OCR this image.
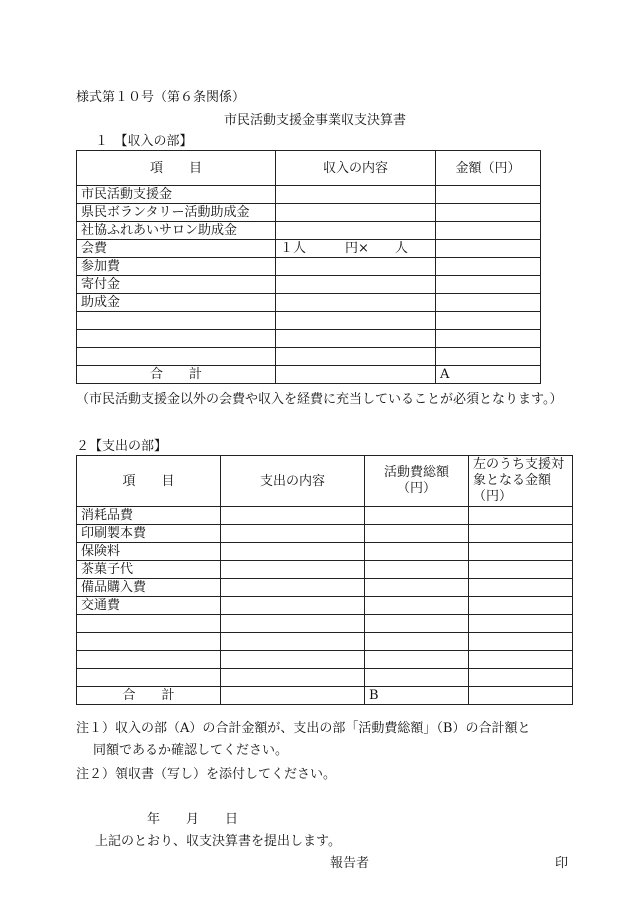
様式第１０号（第６条関係）
市民活動支援金事業収支決算書
１　【収入の部】
項　　目	収入の内容	金額（円）
市民活動支援金		
県民ボランタリー活動助成金		
社協ふれあいサロン助成金		
会費	１人　　　円×　　人	
参加費		
寄付金		
助成金		

合　　計		A
（市民活動支援金以外の会費や収入を経費に充当していることが必須となります。）
２【支出の部】
項　　目	支出の内容	活動費総額（円）	左のうち支援対象となる金額（円）
消耗品費			
印刷製本費			
保険料			
茶菓子代			
備品購入費			
交通費			

合　　計		B	
注１）収入の部（A）の合計金額が、支出の部「活動費総額」（B）の合計額と
同額であるか確認してください。
注２）領収書（写し）を添付してください。
年　　月　　日
上記のとおり、収支決算書を提出します。
報告者	印
